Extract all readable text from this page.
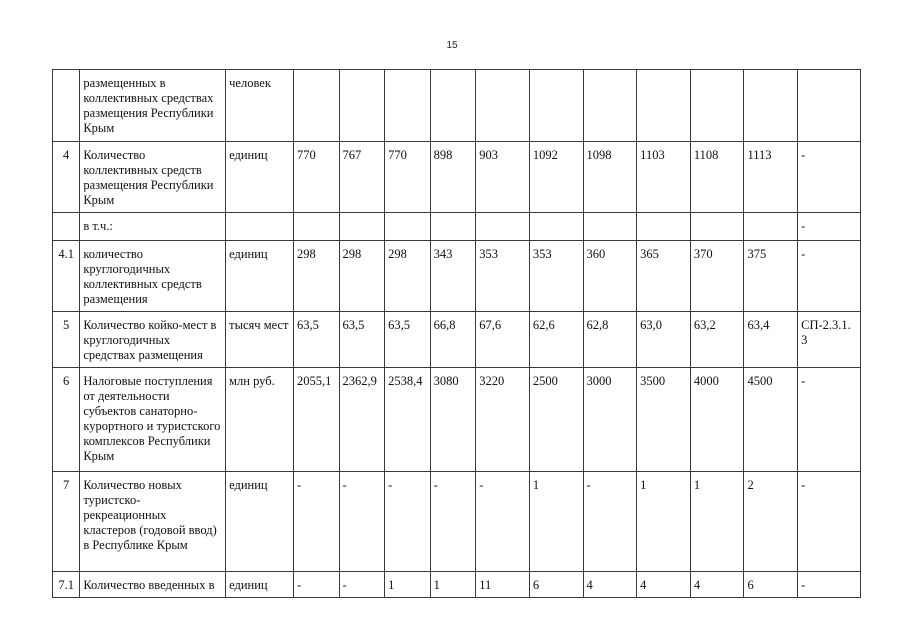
15
	размещенных в коллективных средствах размещения Республики Крым	человек											
4	Количество коллективных средств размещения Республики Крым	единиц	770	767	770	898	903	1092	1098	1103	1108	1113	-
	в т.ч.:												-
4.1	количество круглогодичных коллективных средств размещения	единиц	298	298	298	343	353	353	360	365	370	375	-
5	Количество койко-мест в круглогодичных средствах размещения	тысяч мест	63,5	63,5	63,5	66,8	67,6	62,6	62,8	63,0	63,2	63,4	СП-2.3.1.3
6	Налоговые поступления от деятельности субъектов санаторно-курортного и туристского комплексов Республики Крым	млн руб.	2055,1	2362,9	2538,4	3080	3220	2500	3000	3500	4000	4500	-
7	Количество новых туристско-рекреационных кластеров (годовой ввод) в Республике Крым	единиц	-	-	-	-	-	1	-	1	1	2	-
7.1	Количество введенных в	единиц	-	-	1	1	11	6	4	4	4	6	-
